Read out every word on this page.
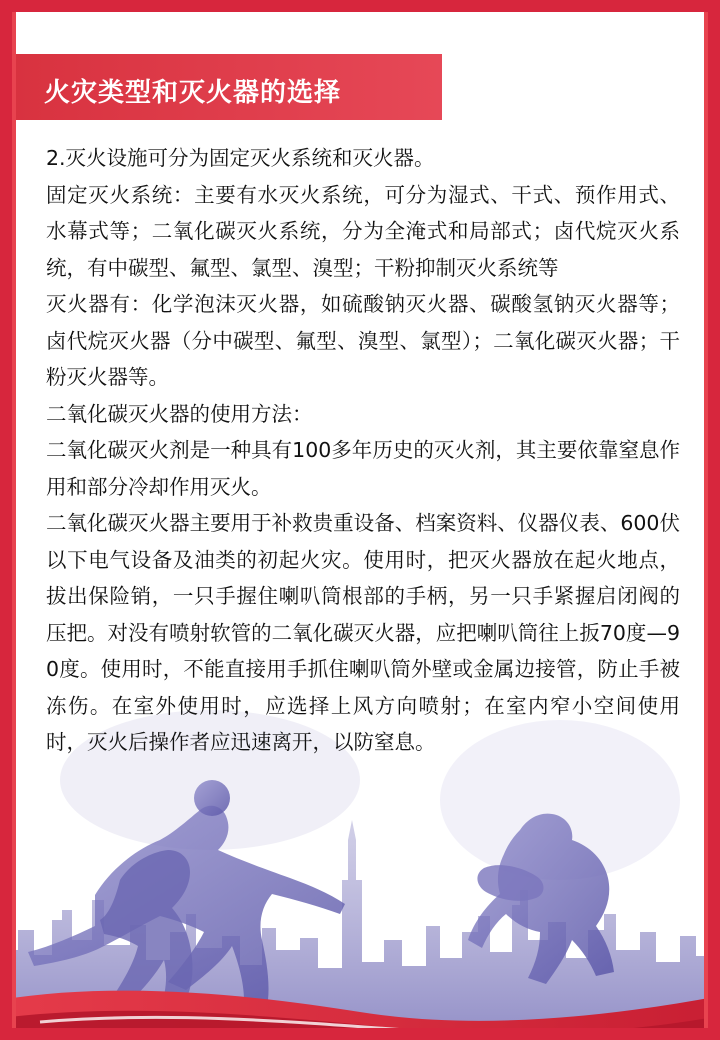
火灾类型和灭火器的选择

2.灭火设施可分为固定灭火系统和灭火器。

固定灭火系统：主要有水灭火系统，可分为湿式、干式、预作用式、水幕式等；二氧化碳灭火系统，分为全淹式和局部式；卤代烷灭火系统，有中碳型、氟型、氯型、溴型；干粉抑制灭火系统等

灭火器有：化学泡沫灭火器，如硫酸钠灭火器、碳酸氢钠灭火器等；卤代烷灭火器（分中碳型、氟型、溴型、氯型）；二氧化碳灭火器；干粉灭火器等。

二氧化碳灭火器的使用方法：

二氧化碳灭火剂是一种具有100多年历史的灭火剂，其主要依靠窒息作用和部分冷却作用灭火。

二氧化碳灭火器主要用于补救贵重设备、档案资料、仪器仪表、600伏以下电气设备及油类的初起火灾。使用时，把灭火器放在起火地点，拔出保险销，一只手握住喇叭筒根部的手柄，另一只手紧握启闭阀的压把。对没有喷射软管的二氧化碳灭火器，应把喇叭筒往上扳70度—90度。使用时，不能直接用手抓住喇叭筒外壁或金属边接管，防止手被冻伤。在室外使用时，应选择上风方向喷射；在室内窄小空间使用时，灭火后操作者应迅速离开，以防窒息。
